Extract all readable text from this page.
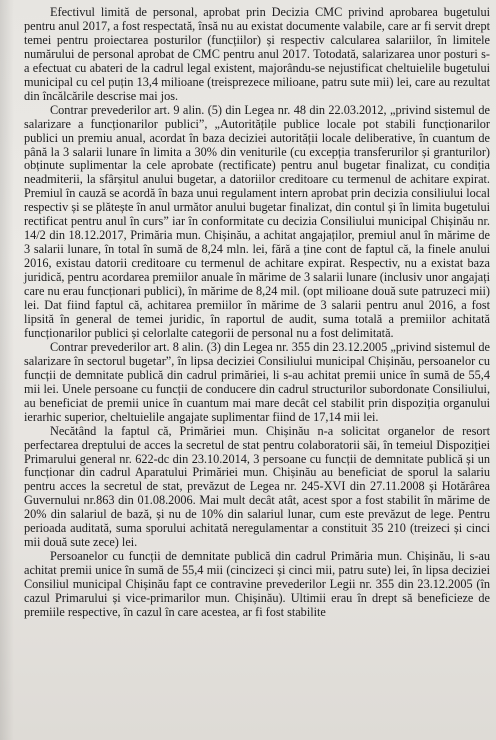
Efectivul limită de personal, aprobat prin Decizia CMC privind aprobarea bugetului pentru anul 2017, a fost respectată, însă nu au existat documente valabile, care ar fi servit drept temei pentru proiectarea posturilor (funcțiilor) și respectiv calcularea salariilor, în limitele numărului de personal aprobat de CMC pentru anul 2017. Totodată, salarizarea unor posturi s-a efectuat cu abateri de la cadrul legal existent, majorându-se nejustificat cheltuielile bugetului municipal cu cel puțin 13,4 milioane (treisprezece milioane, patru sute mii) lei, care au rezultat din încălcările descrise mai jos.

Contrar prevederilor art. 9 alin. (5) din Legea nr. 48 din 22.03.2012, „privind sistemul de salarizare a funcționarilor publici”, „Autoritățile publice locale pot stabili funcționarilor publici un premiu anual, acordat în baza deciziei autorității locale deliberative, în cuantum de până la 3 salarii lunare în limita a 30% din veniturile (cu excepția transferurilor și granturilor) obținute suplimentar la cele aprobate (rectificate) pentru anul bugetar finalizat, cu condiția neadmiterii, la sfârșitul anului bugetar, a datoriilor creditoare cu termenul de achitare expirat. Premiul în cauză se acordă în baza unui regulament intern aprobat prin decizia consiliului local respectiv și se plătește în anul următor anului bugetar finalizat, din contul și în limita bugetului rectificat pentru anul în curs” iar în conformitate cu decizia Consiliului municipal Chișinău nr. 14/2 din 18.12.2017, Primăria mun. Chișinău, a achitat angajaților, premiul anul în mărime de 3 salarii lunare, în total în sumă de 8,24 mln. lei, fără a ține cont de faptul că, la finele anului 2016, existau datorii creditoare cu termenul de achitare expirat. Respectiv, nu a existat baza juridică, pentru acordarea premiilor anuale în mărime de 3 salarii lunare (inclusiv unor angajați care nu erau funcționari publici), în mărime de 8,24 mil. (opt milioane două sute patruzeci mii) lei. Dat fiind faptul că, achitarea premiilor în mărime de 3 salarii pentru anul 2016, a fost lipsită în general de temei juridic, în raportul de audit, suma totală a premiilor achitată funcționarilor publici și celorlalte categorii de personal nu a fost delimitată.

Contrar prevederilor art. 8 alin. (3) din Legea nr. 355 din 23.12.2005 „privind sistemul de salarizare în sectorul bugetar”, în lipsa deciziei Consiliului municipal Chișinău, persoanelor cu funcții de demnitate publică din cadrul primăriei, li s-au achitat premii unice în sumă de 55,4 mii lei. Unele persoane cu funcții de conducere din cadrul structurilor subordonate Consiliului, au beneficiat de premii unice în cuantum mai mare decât cel stabilit prin dispoziția organului ierarhic superior, cheltuielile angajate suplimentar fiind de 17,14 mii lei.

Necătând la faptul că, Primăriei mun. Chișinău n-a solicitat organelor de resort perfectarea dreptului de acces la secretul de stat pentru colaboratorii săi, în temeiul Dispoziției Primarului general nr. 622-dc din 23.10.2014, 3 persoane cu funcții de demnitate publică și un funcționar din cadrul Aparatului Primăriei mun. Chișinău au beneficiat de sporul la salariu pentru acces la secretul de stat, prevăzut de Legea nr. 245-XVI din 27.11.2008 și Hotărârea Guvernului nr.863 din 01.08.2006. Mai mult decât atât, acest spor a fost stabilit în mărime de 20% din salariul de bază, și nu de 10% din salariul lunar, cum este prevăzut de lege. Pentru perioada auditată, suma sporului achitată neregulamentar a constituit 35 210 (treizeci și cinci mii două sute zece) lei.

Persoanelor cu funcții de demnitate publică din cadrul Primăria mun. Chișinău, li s-au achitat premii unice în sumă de 55,4 mii (cincizeci și cinci mii, patru sute) lei, în lipsa deciziei Consiliul municipal Chișinău fapt ce contravine prevederilor Legii nr. 355 din 23.12.2005 (în cazul Primarului și vice-primarilor mun. Chișinău). Ultimii erau în drept să beneficieze de premiile respective, în cazul în care acestea, ar fi fost stabilite
